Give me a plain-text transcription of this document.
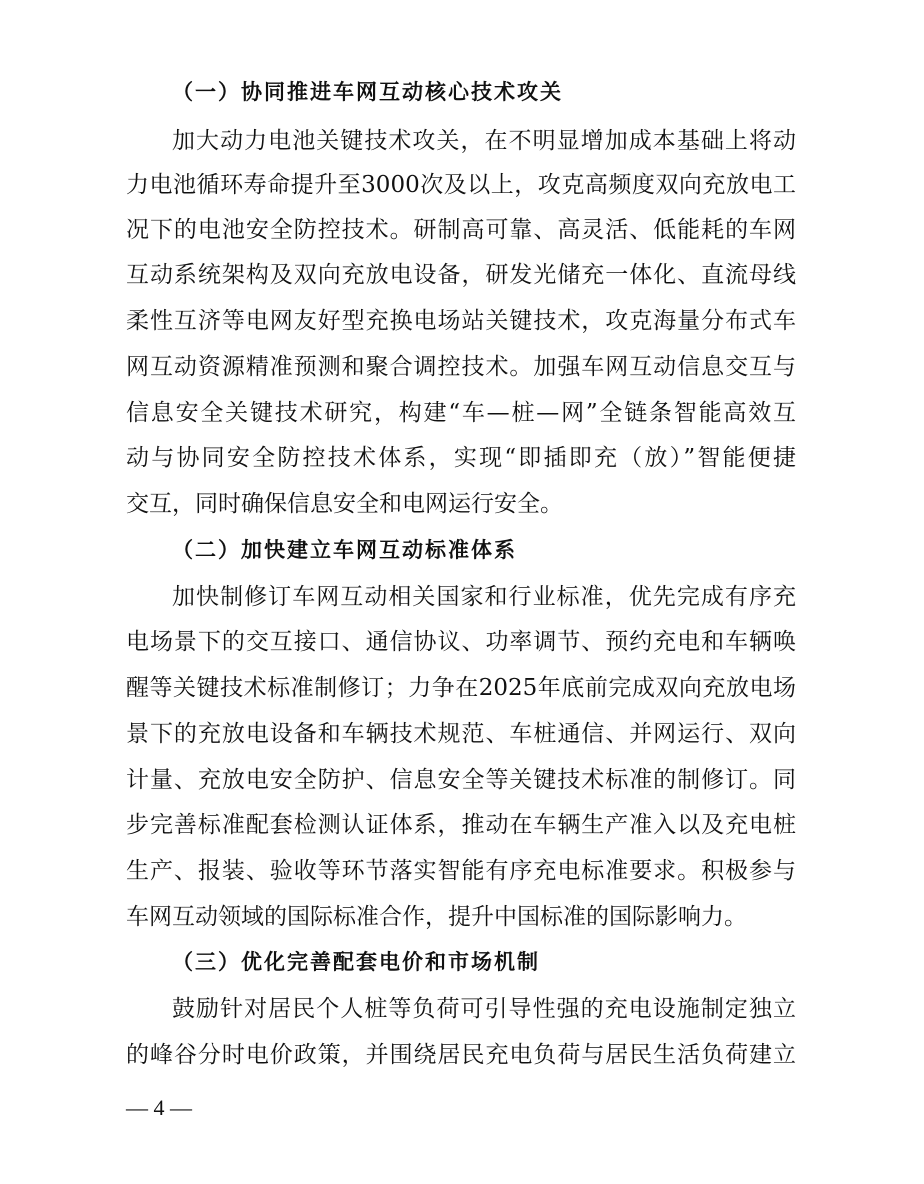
（一）协同推进车网互动核心技术攻关
加大动力电池关键技术攻关，在不明显增加成本基础上将动
力电池循环寿命提升至3000次及以上，攻克高频度双向充放电工
况下的电池安全防控技术。研制高可靠、高灵活、低能耗的车网
互动系统架构及双向充放电设备，研发光储充一体化、直流母线
柔性互济等电网友好型充换电场站关键技术，攻克海量分布式车
网互动资源精准预测和聚合调控技术。加强车网互动信息交互与
信息安全关键技术研究，构建“车—桩—网”全链条智能高效互
动与协同安全防控技术体系，实现“即插即充（放）”智能便捷
交互，同时确保信息安全和电网运行安全。
（二）加快建立车网互动标准体系
加快制修订车网互动相关国家和行业标准，优先完成有序充
电场景下的交互接口、通信协议、功率调节、预约充电和车辆唤
醒等关键技术标准制修订；力争在2025年底前完成双向充放电场
景下的充放电设备和车辆技术规范、车桩通信、并网运行、双向
计量、充放电安全防护、信息安全等关键技术标准的制修订。同
步完善标准配套检测认证体系，推动在车辆生产准入以及充电桩
生产、报装、验收等环节落实智能有序充电标准要求。积极参与
车网互动领域的国际标准合作，提升中国标准的国际影响力。
（三）优化完善配套电价和市场机制
鼓励针对居民个人桩等负荷可引导性强的充电设施制定独立
的峰谷分时电价政策，并围绕居民充电负荷与居民生活负荷建立
— 4 —
